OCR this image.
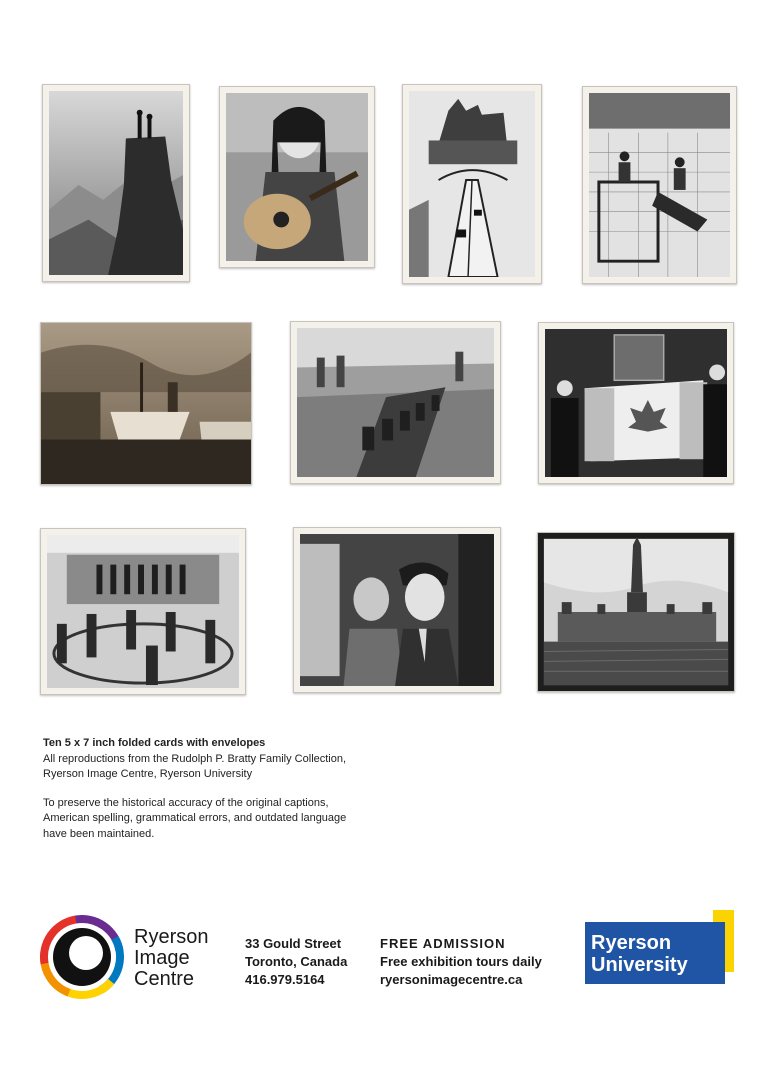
Ten 5 x 7 inch folded cards with envelopes
All reproductions from the Rudolph P. Bratty Family Collection,
Ryerson Image Centre, Ryerson University
To preserve the historical accuracy of the original captions,
American spelling, grammatical errors, and outdated language
have been maintained.
Ryerson
Image
Centre
33 Gould Street
Toronto, Canada
416.979.5164
FREE ADMISSION
Free exhibition tours daily
ryersonimagecentre.ca
Ryerson
University
